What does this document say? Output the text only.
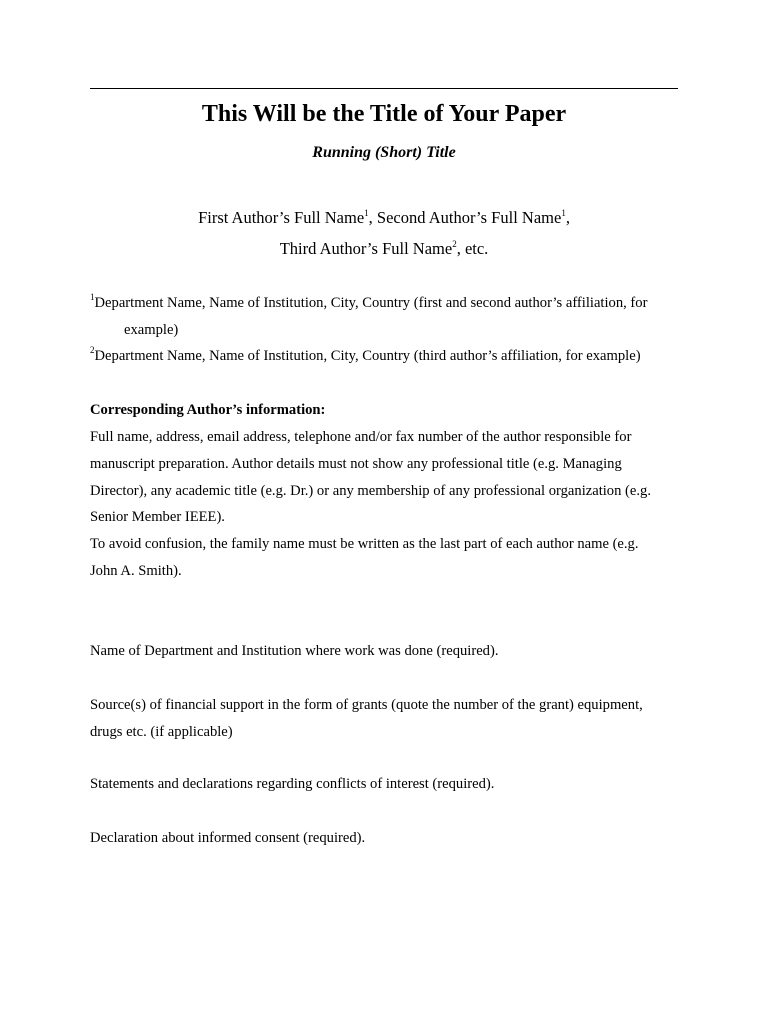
This Will be the Title of Your Paper
Running (Short) Title
First Author’s Full Name$^1$, Second Author’s Full Name$^1$,
Third Author’s Full Name$^2$, etc.
$^1$Department Name, Name of Institution, City, Country (first and second author’s affiliation, for
example)
$^2$Department Name, Name of Institution, City, Country (third author’s affiliation, for example)
Corresponding Author’s information:
Full name, address, email address, telephone and/or fax number of the author responsible for
manuscript preparation. Author details must not show any professional title (e.g. Managing
Director), any academic title (e.g. Dr.) or any membership of any professional organization (e.g.
Senior Member IEEE).
To avoid confusion, the family name must be written as the last part of each author name (e.g.
John A. Smith).
Name of Department and Institution where work was done (required).
Source(s) of financial support in the form of grants (quote the number of the grant) equipment,
drugs etc. (if applicable)
Statements and declarations regarding conflicts of interest (required).
Declaration about informed consent (required).
